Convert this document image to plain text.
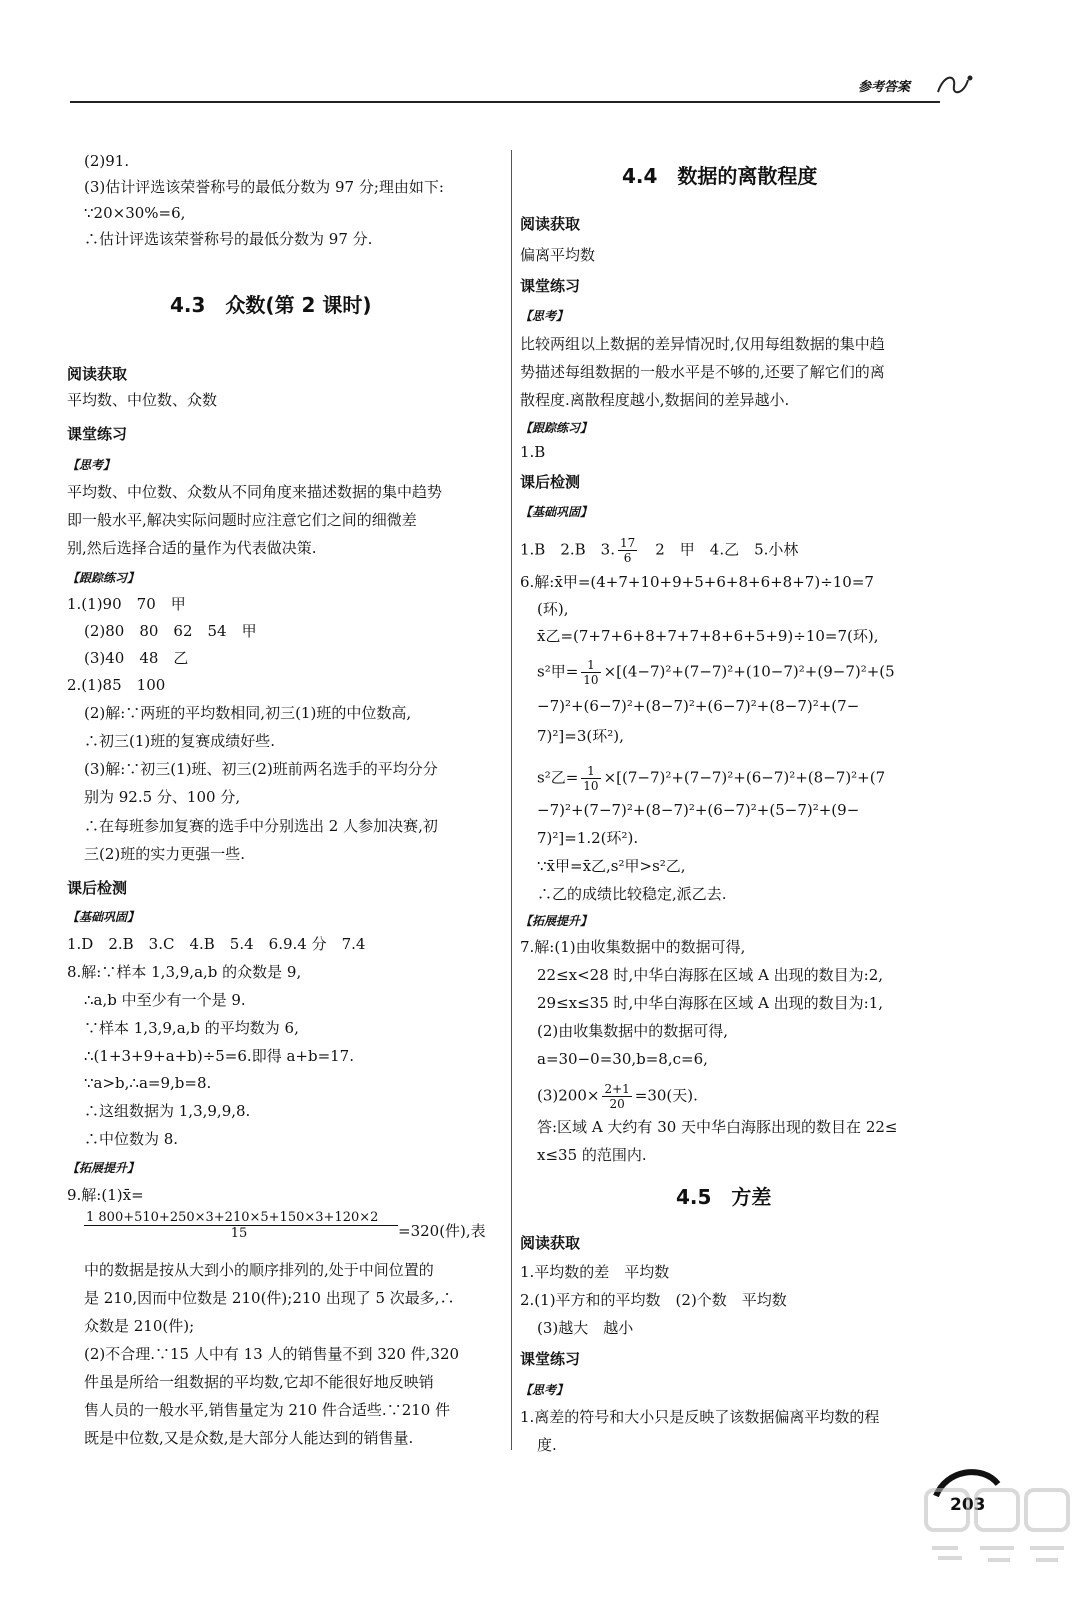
参考答案
(2)91.
(3)估计评选该荣誉称号的最低分数为 97 分;理由如下:
∵20×30%=6,
∴估计评选该荣誉称号的最低分数为 97 分.
4.3　众数(第 2 课时)
阅读获取
平均数、中位数、众数
课堂练习
【思考】
平均数、中位数、众数从不同角度来描述数据的集中趋势
即一般水平,解决实际问题时应注意它们之间的细微差
别,然后选择合适的量作为代表做决策.
【跟踪练习】
1.(1)90　70　甲
(2)80　80　62　54　甲
(3)40　48　乙
2.(1)85　100
(2)解:∵两班的平均数相同,初三(1)班的中位数高,
∴初三(1)班的复赛成绩好些.
(3)解:∵初三(1)班、初三(2)班前两名选手的平均分分
别为 92.5 分、100 分,
∴在每班参加复赛的选手中分别选出 2 人参加决赛,初
三(2)班的实力更强一些.
课后检测
【基础巩固】
1.D　2.B　3.C　4.B　5.4　6.9.4 分　7.4
8.解:∵样本 1,3,9,a,b 的众数是 9,
∴a,b 中至少有一个是 9.
∵样本 1,3,9,a,b 的平均数为 6,
∴(1+3+9+a+b)÷5=6.即得 a+b=17.
∵a>b,∴a=9,b=8.
∴这组数据为 1,3,9,9,8.
∴中位数为 8.
【拓展提升】
9.解:(1)x̄=
$\frac{1 800+510+250\times 3+210\times 5+150\times 3+120\times 2}{15} =320$(件),表
中的数据是按从大到小的顺序排列的,处于中间位置的
是 210,因而中位数是 210(件);210 出现了 5 次最多,∴
众数是 210(件);
(2)不合理.∵15 人中有 13 人的销售量不到 320 件,320
件虽是所给一组数据的平均数,它却不能很好地反映销
售人员的一般水平,销售量定为 210 件合适些.∵210 件
既是中位数,又是众数,是大部分人能达到的销售量.
4.4　数据的离散程度
阅读获取
偏离平均数
课堂练习
【思考】
比较两组以上数据的差异情况时,仅用每组数据的集中趋
势描述每组数据的一般水平是不够的,还要了解它们的离
散程度.离散程度越小,数据间的差异越小.
【跟踪练习】
1.B
课后检测
【基础巩固】
1.B　2.B　3. $\frac{17}{6}$ 　2　甲　4.乙　5.小林
6.解:x̄甲=(4+7+10+9+5+6+8+6+8+7)÷10=7
(环),
x̄乙=(7+7+6+8+7+7+8+6+5+9)÷10=7(环),
s²甲= $\frac{1}{10} \times[(4-7)^2+(7-7)^2+(10-7)^2+(9-7)^2+(5$
−7)²+(6−7)²+(8−7)²+(6−7)²+(8−7)²+(7−
7)²]=3(环²),
s²乙= $\frac{1}{10} \times[(7-7)^2+(7-7)^2+(6-7)^2+(8-7)^2+(7$
−7)²+(7−7)²+(8−7)²+(6−7)²+(5−7)²+(9−
7)²]=1.2(环²).
∵x̄甲=x̄乙,s²甲>s²乙,
∴乙的成绩比较稳定,派乙去.
【拓展提升】
7.解:(1)由收集数据中的数据可得,
22≤x<28 时,中华白海豚在区域 A 出现的数目为:2,
29≤x≤35 时,中华白海豚在区域 A 出现的数目为:1,
(2)由收集数据中的数据可得,
a=30−0=30,b=8,c=6,
$(3)200\times \frac{2+1}{20} =30$(天).
答:区域 A 大约有 30 天中华白海豚出现的数目在 22≤
x≤35 的范围内.
4.5　方差
阅读获取
1.平均数的差　平均数
2.(1)平方和的平均数　(2)个数　平均数
(3)越大　越小
课堂练习
【思考】
1.离差的符号和大小只是反映了该数据偏离平均数的程
度.
203
